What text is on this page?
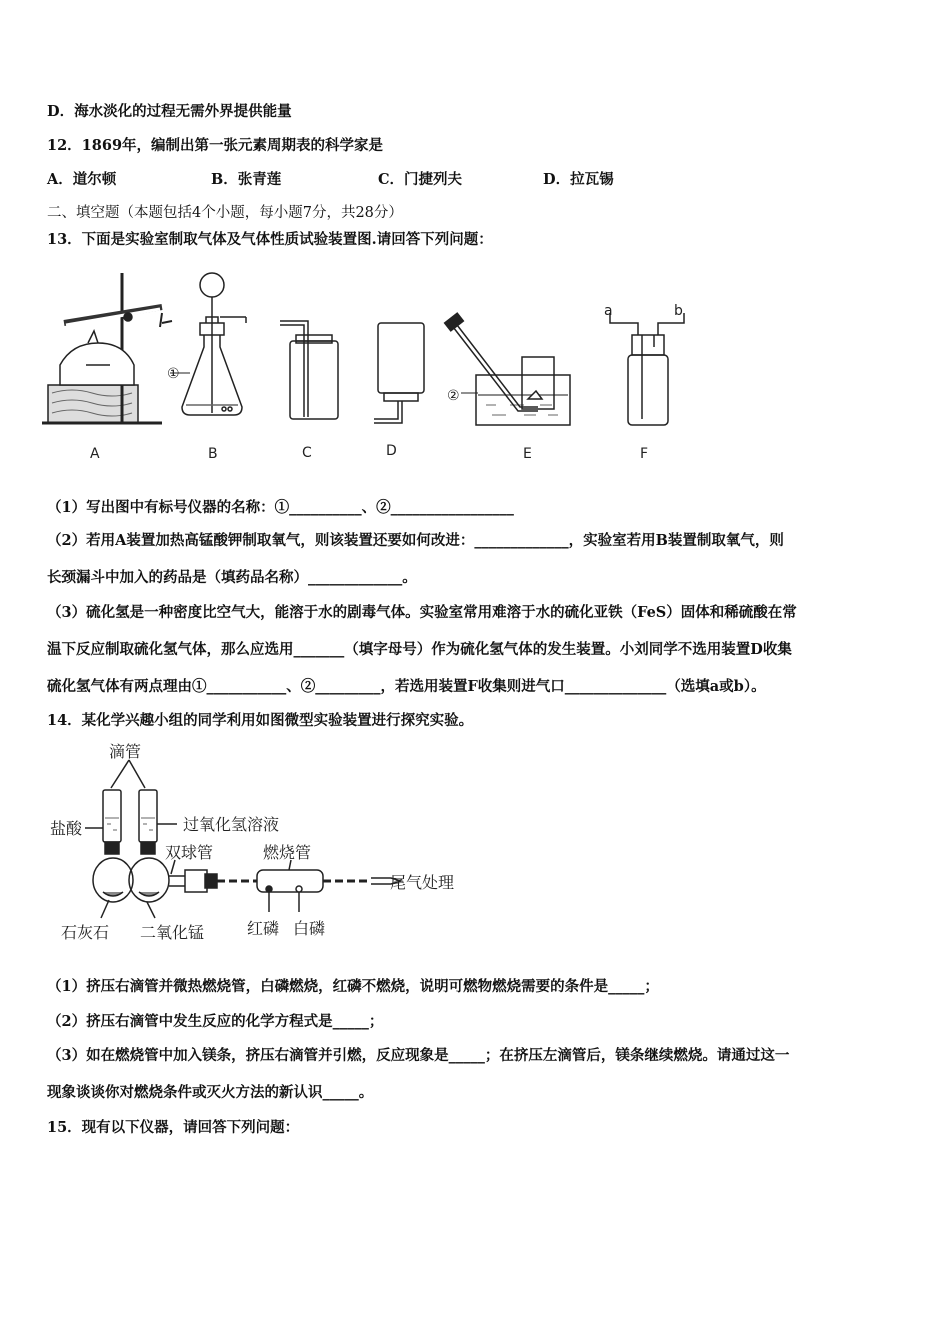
D．海水淡化的过程无需外界提供能量
12．1869年，编制出第一张元素周期表的科学家是
A．道尔顿	B．张青莲	C．门捷列夫	D．拉瓦锡
二、填空题（本题包括4个小题，每小题7分，共28分）
13．下面是实验室制取气体及气体性质试验装置图.请回答下列问题：
①
②
a	b
A	B	C	D	E	F
（1）写出图中有标号仪器的名称：①__________、②_________________
（2）若用A装置加热高锰酸钾制取氧气，则该装置还要如何改进：_____________，实验室若用B装置制取氧气，则
长颈漏斗中加入的药品是（填药品名称）_____________。
（3）硫化氢是一种密度比空气大，能溶于水的剧毒气体。实验室常用难溶于水的硫化亚铁（FeS）固体和稀硫酸在常
温下反应制取硫化氢气体，那么应选用_______（填字母号）作为硫化氢气体的发生装置。小刘同学不选用装置D收集
硫化氢气体有两点理由①___________、②_________，若选用装置F收集则进气口______________（选填a或b）。
14．某化学兴趣小组的同学利用如图微型实验装置进行探究实验。
滴管
盐酸	过氧化氢溶液
双球管	燃烧管
尾气处理
石灰石 二氧化锰	红磷 白磷
（1）挤压右滴管并微热燃烧管，白磷燃烧，红磷不燃烧，说明可燃物燃烧需要的条件是_____；
（2）挤压右滴管中发生反应的化学方程式是_____；
（3）如在燃烧管中加入镁条，挤压右滴管并引燃，反应现象是_____；在挤压左滴管后，镁条继续燃烧。请通过这一
现象谈谈你对燃烧条件或灭火方法的新认识_____。
15．现有以下仪器，请回答下列问题：
